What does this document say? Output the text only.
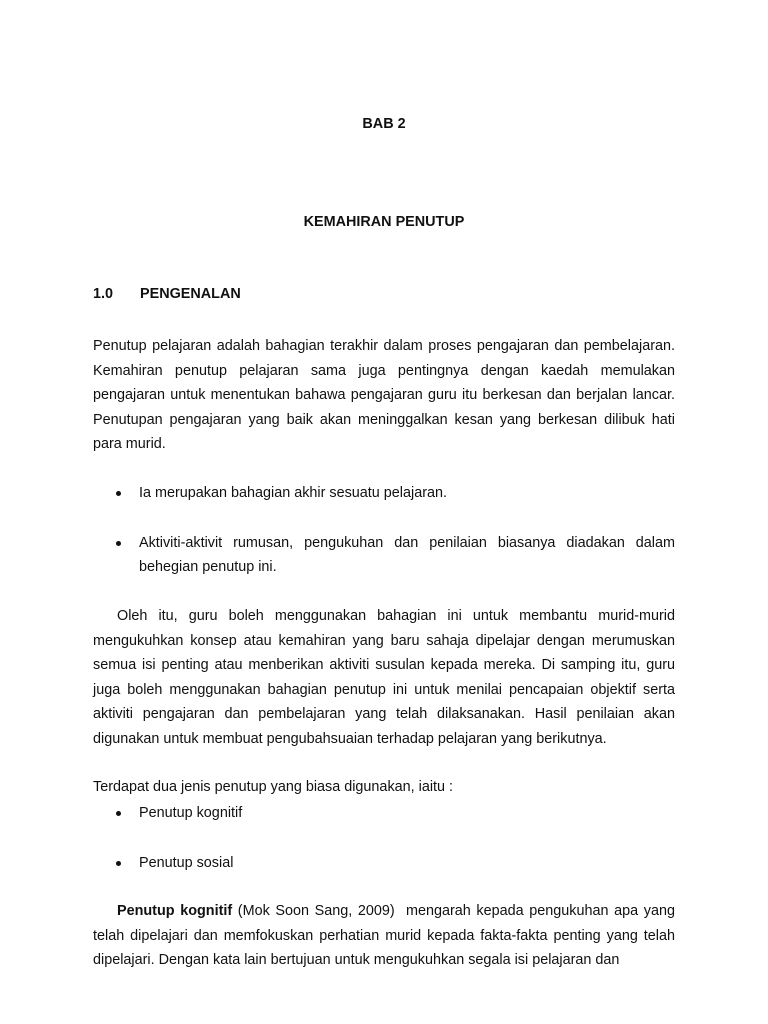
BAB 2
KEMAHIRAN PENUTUP
1.0 PENGENALAN

Penutup pelajaran adalah bahagian terakhir dalam proses pengajaran dan pembelajaran. Kemahiran penutup pelajaran sama juga pentingnya dengan kaedah memulakan pengajaran untuk menentukan bahawa pengajaran guru itu berkesan dan berjalan lancar. Penutupan pengajaran yang baik akan meninggalkan kesan yang berkesan dilibuk hati para murid.

Ia merupakan bahagian akhir sesuatu pelajaran.
Aktiviti-aktivit rumusan, pengukuhan dan penilaian biasanya diadakan dalam behegian penutup ini.

Oleh itu, guru boleh menggunakan bahagian ini untuk membantu murid-murid mengukuhkan konsep atau kemahiran yang baru sahaja dipelajar dengan merumuskan semua isi penting atau menberikan aktiviti susulan kepada mereka. Di samping itu, guru juga boleh menggunakan bahagian penutup ini untuk menilai pencapaian objektif serta aktiviti pengajaran dan pembelajaran yang telah dilaksanakan. Hasil penilaian akan digunakan untuk membuat pengubahsuaian terhadap pelajaran yang berikutnya.

Terdapat dua jenis penutup yang biasa digunakan, iaitu :

Penutup kognitif
Penutup sosial

Penutup kognitif (Mok Soon Sang, 2009)  mengarah kepada pengukuhan apa yang telah dipelajari dan memfokuskan perhatian murid kepada fakta-fakta penting yang telah dipelajari. Dengan kata lain bertujuan untuk mengukuhkan segala isi pelajaran dan
